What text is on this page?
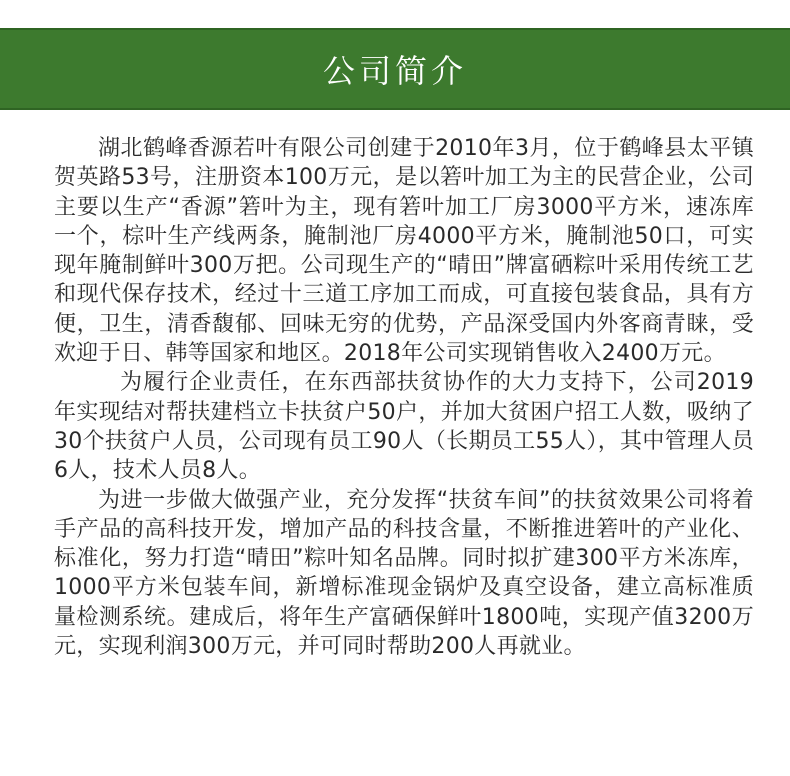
公司简介

湖北鹤峰香源若叶有限公司创建于2010年3月，位于鹤峰县太平镇贺英路53号，注册资本100万元，是以箬叶加工为主的民营企业，公司主要以生产“香源”箬叶为主，现有箬叶加工厂房3000平方米，速冻库一个，棕叶生产线两条，腌制池厂房4000平方米，腌制池50口，可实现年腌制鲜叶300万把。公司现生产的“晴田”牌富硒粽叶采用传统工艺和现代保存技术，经过十三道工序加工而成，可直接包装食品，具有方便，卫生，清香馥郁、回味无穷的优势，产品深受国内外客商青睐，受欢迎于日、韩等国家和地区。2018年公司实现销售收入2400万元。

为履行企业责任，在东西部扶贫协作的大力支持下，公司2019年实现结对帮扶建档立卡扶贫户50户，并加大贫困户招工人数，吸纳了30个扶贫户人员，公司现有员工90人（长期员工55人），其中管理人员6人，技术人员8人。

为进一步做大做强产业，充分发挥“扶贫车间”的扶贫效果公司将着手产品的高科技开发，增加产品的科技含量，不断推进箬叶的产业化、标准化，努力打造“晴田”粽叶知名品牌。同时拟扩建300平方米冻库，1000平方米包装车间，新增标准现金锅炉及真空设备，建立高标准质量检测系统。建成后，将年生产富硒保鲜叶1800吨，实现产值3200万元，实现利润300万元，并可同时帮助200人再就业。
